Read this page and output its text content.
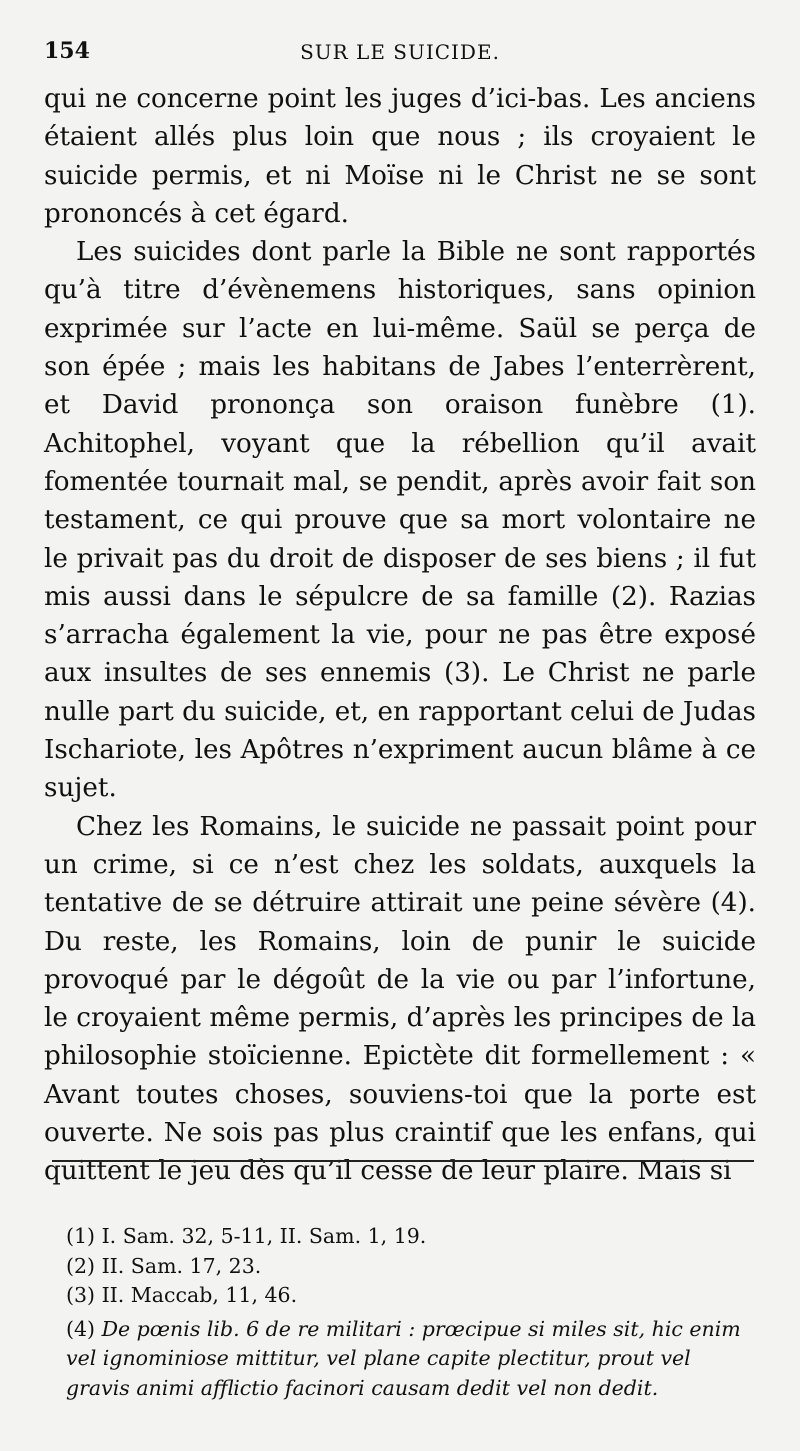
154	SUR LE SUICIDE.

qui ne concerne point les juges d’ici-bas. Les anciens étaient allés plus loin que nous ; ils croyaient le suicide permis, et ni Moïse ni le Christ ne se sont prononcés à cet égard.

Les suicides dont parle la Bible ne sont rapportés qu’à titre d’évènemens historiques, sans opinion exprimée sur l’acte en lui-même. Saül se perça de son épée ; mais les habitans de Jabes l’enterrèrent, et David prononça son oraison funèbre (1). Achitophel, voyant que la rébellion qu’il avait fomentée tournait mal, se pendit, après avoir fait son testament, ce qui prouve que sa mort volontaire ne le privait pas du droit de disposer de ses biens ; il fut mis aussi dans le sépulcre de sa famille (2). Razias s’arracha également la vie, pour ne pas être exposé aux insultes de ses ennemis (3). Le Christ ne parle nulle part du suicide, et, en rapportant celui de Judas Ischariote, les Apôtres n’expriment aucun blâme à ce sujet.

Chez les Romains, le suicide ne passait point pour un crime, si ce n’est chez les soldats, auxquels la tentative de se détruire attirait une peine sévère (4). Du reste, les Romains, loin de punir le suicide provoqué par le dégoût de la vie ou par l’infortune, le croyaient même permis, d’après les principes de la philosophie stoïcienne. Epictète dit formellement : « Avant toutes choses, souviens-toi que la porte est ouverte. Ne sois pas plus craintif que les enfans, qui quittent le jeu dès qu’il cesse de leur plaire. Mais si

(1) I. Sam. 32, 5-11, II. Sam. 1, 19.

(2) II. Sam. 17, 23.

(3) II. Maccab, 11, 46.

(4) De pœnis lib. 6 de re militari : prœcipue si miles sit, hic enim vel ignominiose mittitur, vel plane capite plectitur, prout vel gravis animi afflictio facinori causam dedit vel non dedit.
